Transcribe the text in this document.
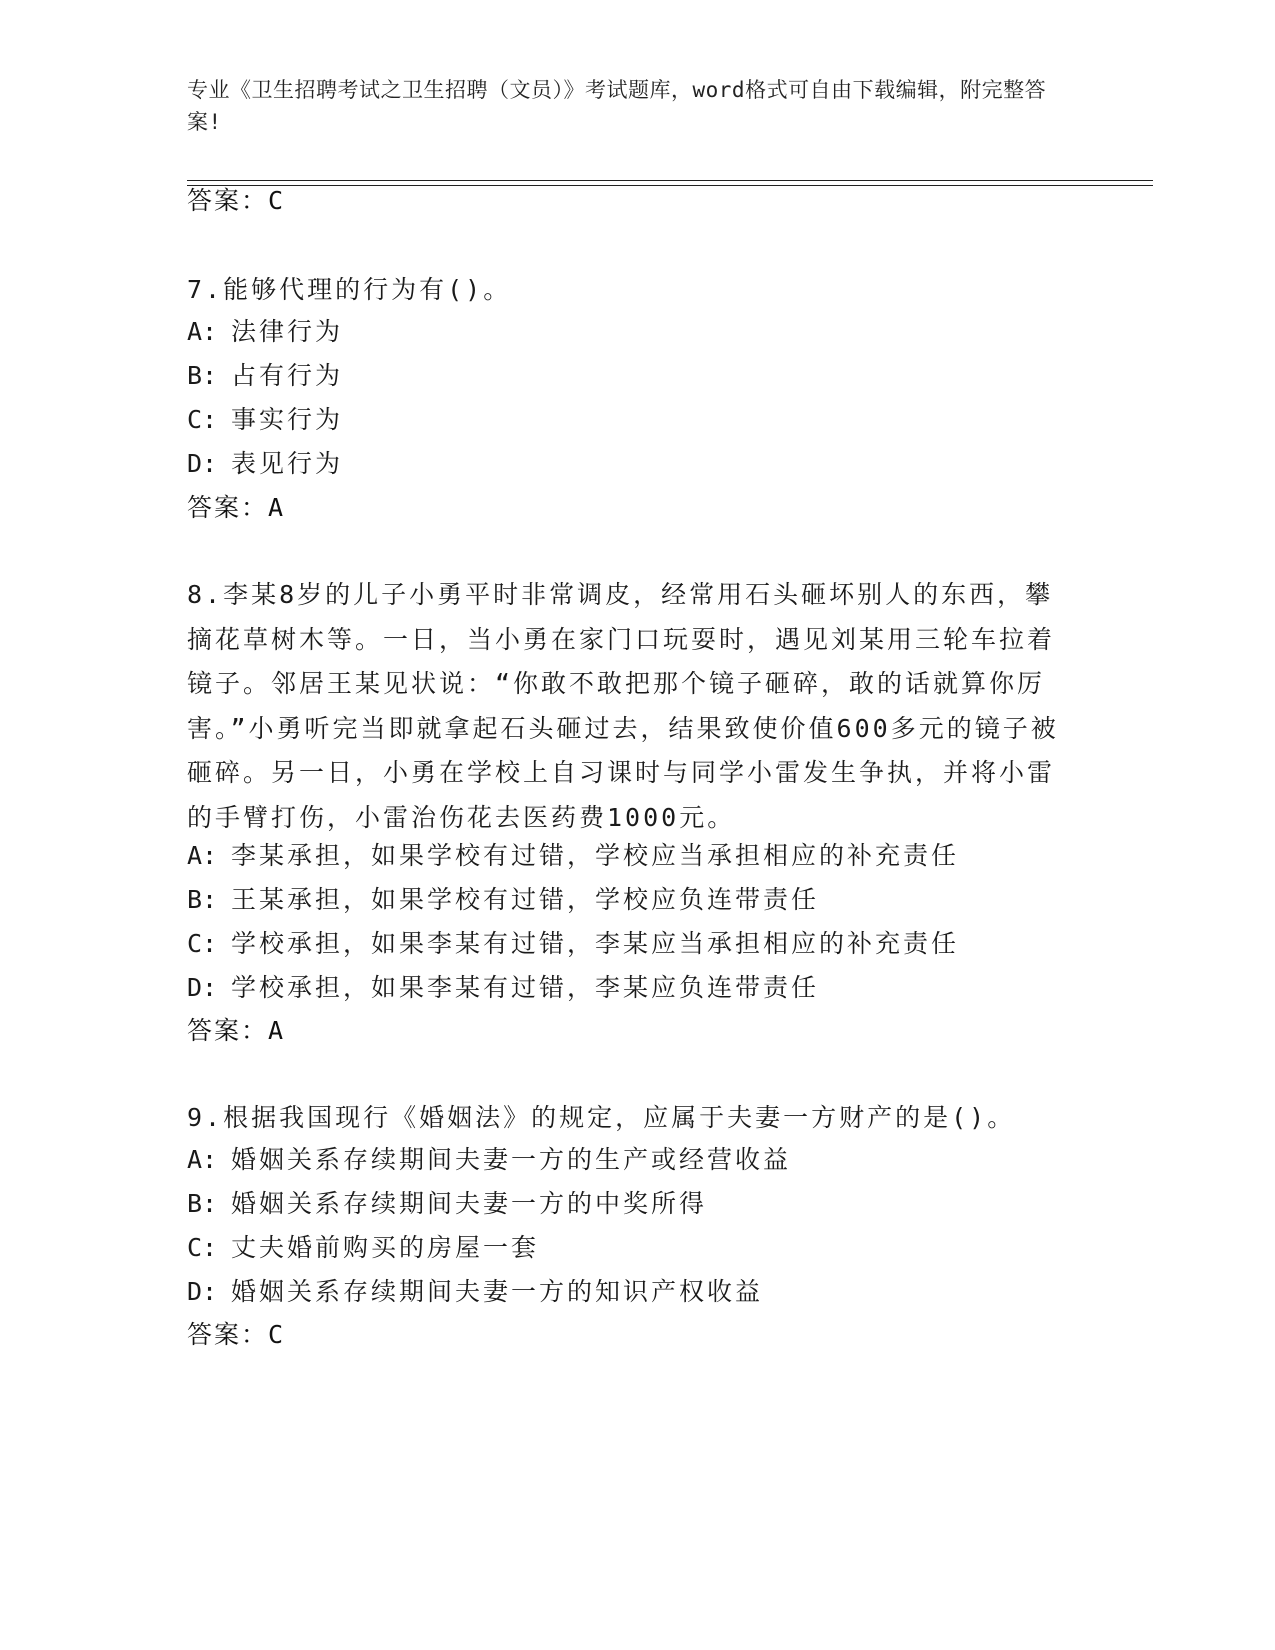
专业《卫生招聘考试之卫生招聘（文员）》考试题库，word格式可自由下载编辑，附完整答案!
答案：C
7.能够代理的行为有()。
A: 法律行为
B: 占有行为
C: 事实行为
D: 表见行为
答案：A
8.李某8岁的儿子小勇平时非常调皮，经常用石头砸坏别人的东西，攀摘花草树木等。一日，当小勇在家门口玩耍时，遇见刘某用三轮车拉着镜子。邻居王某见状说：“你敢不敢把那个镜子砸碎，敢的话就算你厉害。”小勇听完当即就拿起石头砸过去，结果致使价值600多元的镜子被砸碎。另一日，小勇在学校上自习课时与同学小雷发生争执，并将小雷的手臂打伤，小雷治伤花去医药费1000元。
A: 李某承担，如果学校有过错，学校应当承担相应的补充责任
B: 王某承担，如果学校有过错，学校应负连带责任
C: 学校承担，如果李某有过错，李某应当承担相应的补充责任
D: 学校承担，如果李某有过错，李某应负连带责任
答案：A
9.根据我国现行《婚姻法》的规定，应属于夫妻一方财产的是()。
A: 婚姻关系存续期间夫妻一方的生产或经营收益
B: 婚姻关系存续期间夫妻一方的中奖所得
C: 丈夫婚前购买的房屋一套
D: 婚姻关系存续期间夫妻一方的知识产权收益
答案：C
